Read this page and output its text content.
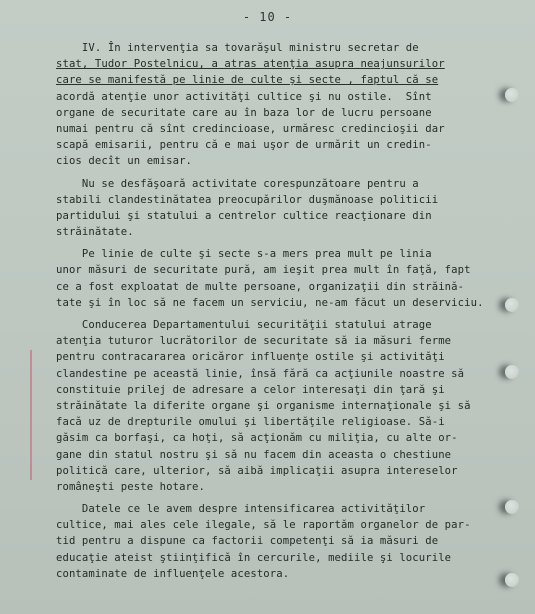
- 10 -
IV. În intervenţia sa tovarăşul ministru secretar de
stat, Tudor Postelnicu, a atras atenţia asupra neajunsurilor
care se manifestă pe linie de culte şi secte , faptul că se
acordă atenţie unor activităţi cultice şi nu ostile.  Sînt
organe de securitate care au în baza lor de lucru persoane
numai pentru că sînt credincioase, urmăresc credincioşii dar
scapă emisarii, pentru că e mai uşor de urmărit un credin-
cios decît un emisar.
Nu se desfăşoară activitate corespunzătoare pentru a
stabili clandestinătatea preocupărilor duşmănoase politicii
partidului şi statului a centrelor cultice reacţionare din
străinătate.
Pe linie de culte şi secte s-a mers prea mult pe linia
unor măsuri de securitate pură, am ieşit prea mult în faţă, fapt
ce a fost exploatat de multe persoane, organizaţii din străină-
tate şi în loc să ne facem un serviciu, ne-am făcut un deserviciu.
Conducerea Departamentului securităţii statului atrage
atenţia tuturor lucrătorilor de securitate să ia măsuri ferme
pentru contracararea oricăror influenţe ostile şi activităţi
clandestine pe această linie, însă fără ca acţiunile noastre să
constituie prilej de adresare a celor interesaţi din ţară şi
străinătate la diferite organe şi organisme internaţionale şi să
facă uz de drepturile omului şi libertăţile religioase. Să-i
găsim ca borfaşi, ca hoţi, să acţionăm cu miliţia, cu alte or-
gane din statul nostru şi să nu facem din aceasta o chestiune
politică care, ulterior, să aibă implicaţii asupra intereselor
româneşti peste hotare.
Datele ce le avem despre intensificarea activităţilor
cultice, mai ales cele ilegale, să le raportăm organelor de par-
tid pentru a dispune ca factorii competenţi să ia măsuri de
educaţie ateist ştiinţifică în cercurile, mediile şi locurile
contaminate de influenţele acestora.
